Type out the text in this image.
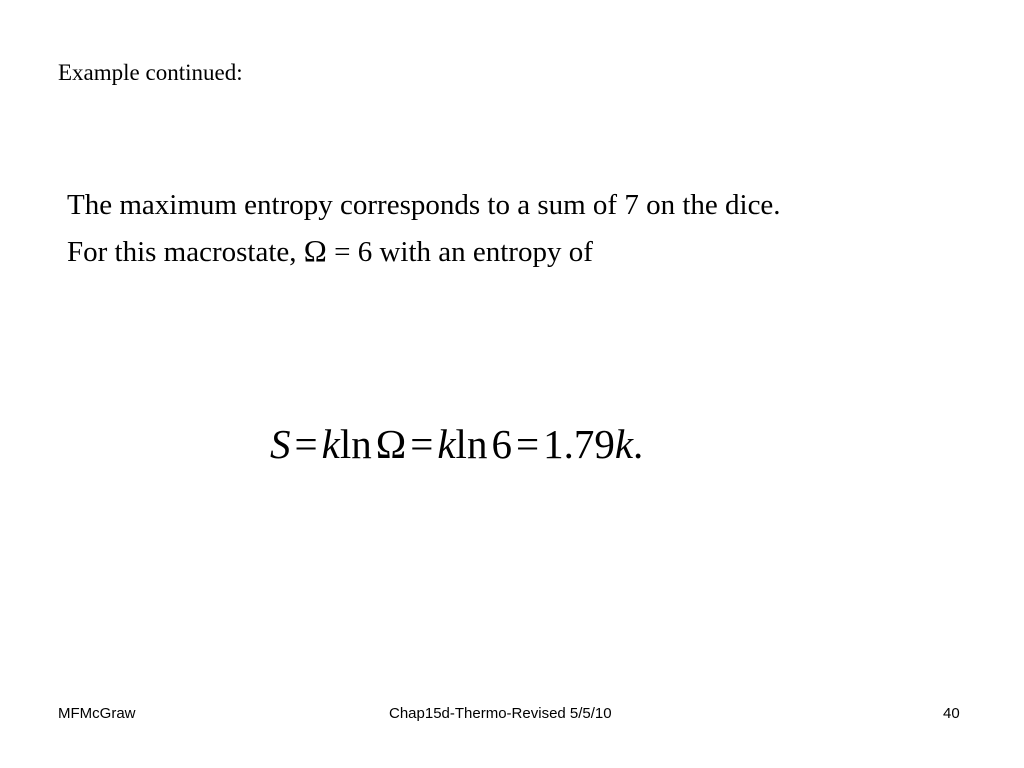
Example continued:
The maximum entropy corresponds to a sum of 7 on the dice.
For this macrostate, Ω = 6 with an entropy of
S=klnΩ=kln6=1.79k.
MFMcGraw	Chap15d-Thermo-Revised 5/5/10	40
